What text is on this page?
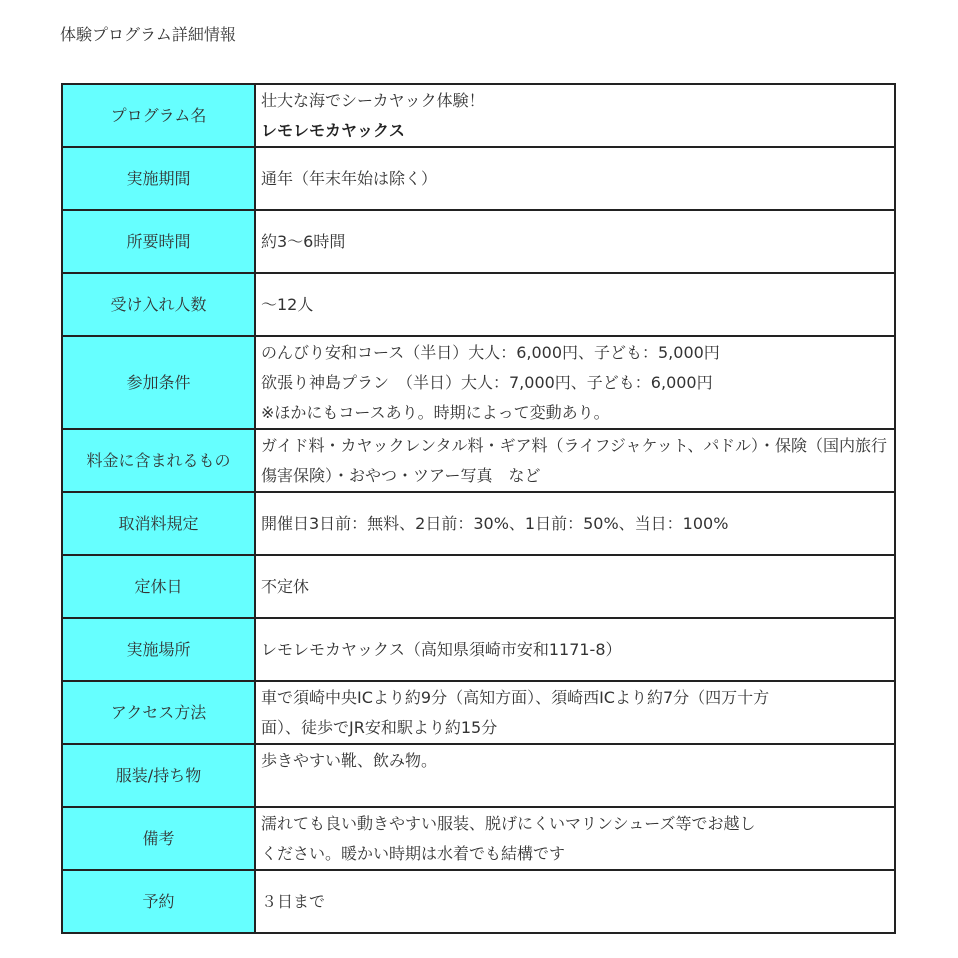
体験プログラム詳細情報
プログラム名	壮大な海でシーカヤック体験！
レモレモカヤックス

実施期間	通年（年末年始は除く）
所要時間	約3〜6時間
受け入れ人数	〜12人
参加条件	のんびり安和コース（半日）大人：6,000円、子ども：5,000円
欲張り神島プラン　（半日）大人：7,000円、子ども：6,000円
※ほかにもコースあり。時期によって変動あり。

料金に含まれるもの	ガイド料・カヤックレンタル料・ギア料（ライフジャケット、パドル）・保険（国内旅行傷害保険）・おやつ・ツアー写真　など

取消料規定	開催日3日前：無料、2日前：30%、1日前：50%、当日：100%
定休日	不定休
実施場所	レモレモカヤックス（高知県須崎市安和1171-8）
アクセス方法	車で須崎中央ICより約9分（高知方面）、須崎西ICより約7分（四万十方
面）、徒歩でJR安和駅より約15分

服装/持ち物	歩きやすい靴、飲み物。
備考	濡れても良い動きやすい服装、脱げにくいマリンシューズ等でお越し
ください。暖かい時期は水着でも結構です

予約	３日まで
